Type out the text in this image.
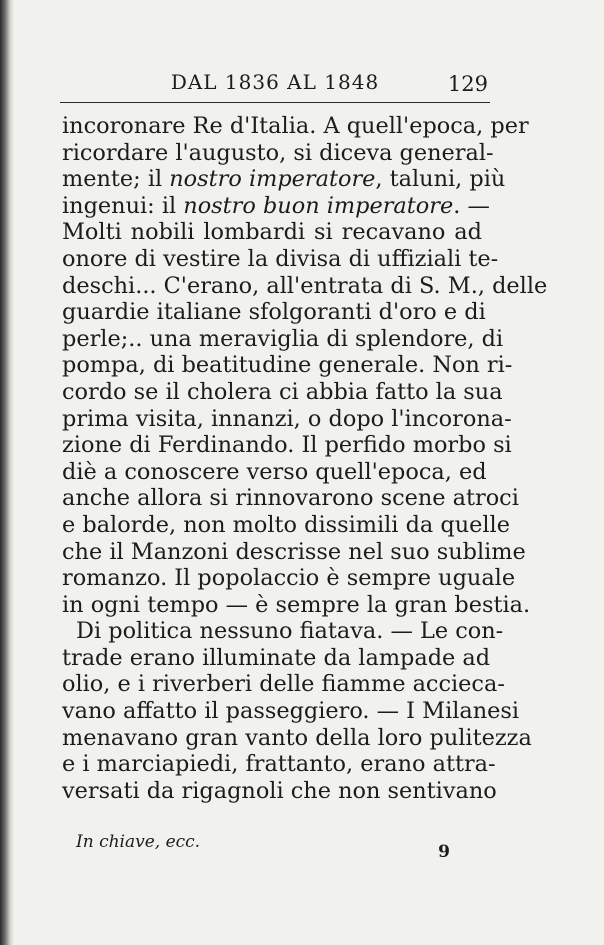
DAL 1836 AL 1848	129
incoronare Re d'Italia. A quell'epoca, per
ricordare l'augusto, si diceva general-
mente; il nostro imperatore, taluni, più
ingenui: il nostro buon imperatore. —
Molti nobili lombardi si recavano ad
onore di vestire la divisa di uffiziali te-
deschi... C'erano, all'entrata di S. M., delle
guardie italiane sfolgoranti d'oro e di
perle;.. una meraviglia di splendore, di
pompa, di beatitudine generale. Non ri-
cordo se il cholera ci abbia fatto la sua
prima visita, innanzi, o dopo l'incorona-
zione di Ferdinando. Il perfido morbo si
diè a conoscere verso quell'epoca, ed
anche allora si rinnovarono scene atroci
e balorde, non molto dissimili da quelle
che il Manzoni descrisse nel suo sublime
romanzo. Il popolaccio è sempre uguale
in ogni tempo — è sempre la gran bestia.
Di politica nessuno fiatava. — Le con-
trade erano illuminate da lampade ad
olio, e i riverberi delle fiamme accieca-
vano affatto il passeggiero. — I Milanesi
menavano gran vanto della loro pulitezza
e i marciapiedi, frattanto, erano attra-
versati da rigagnoli che non sentivano
In chiave, ecc.	9
